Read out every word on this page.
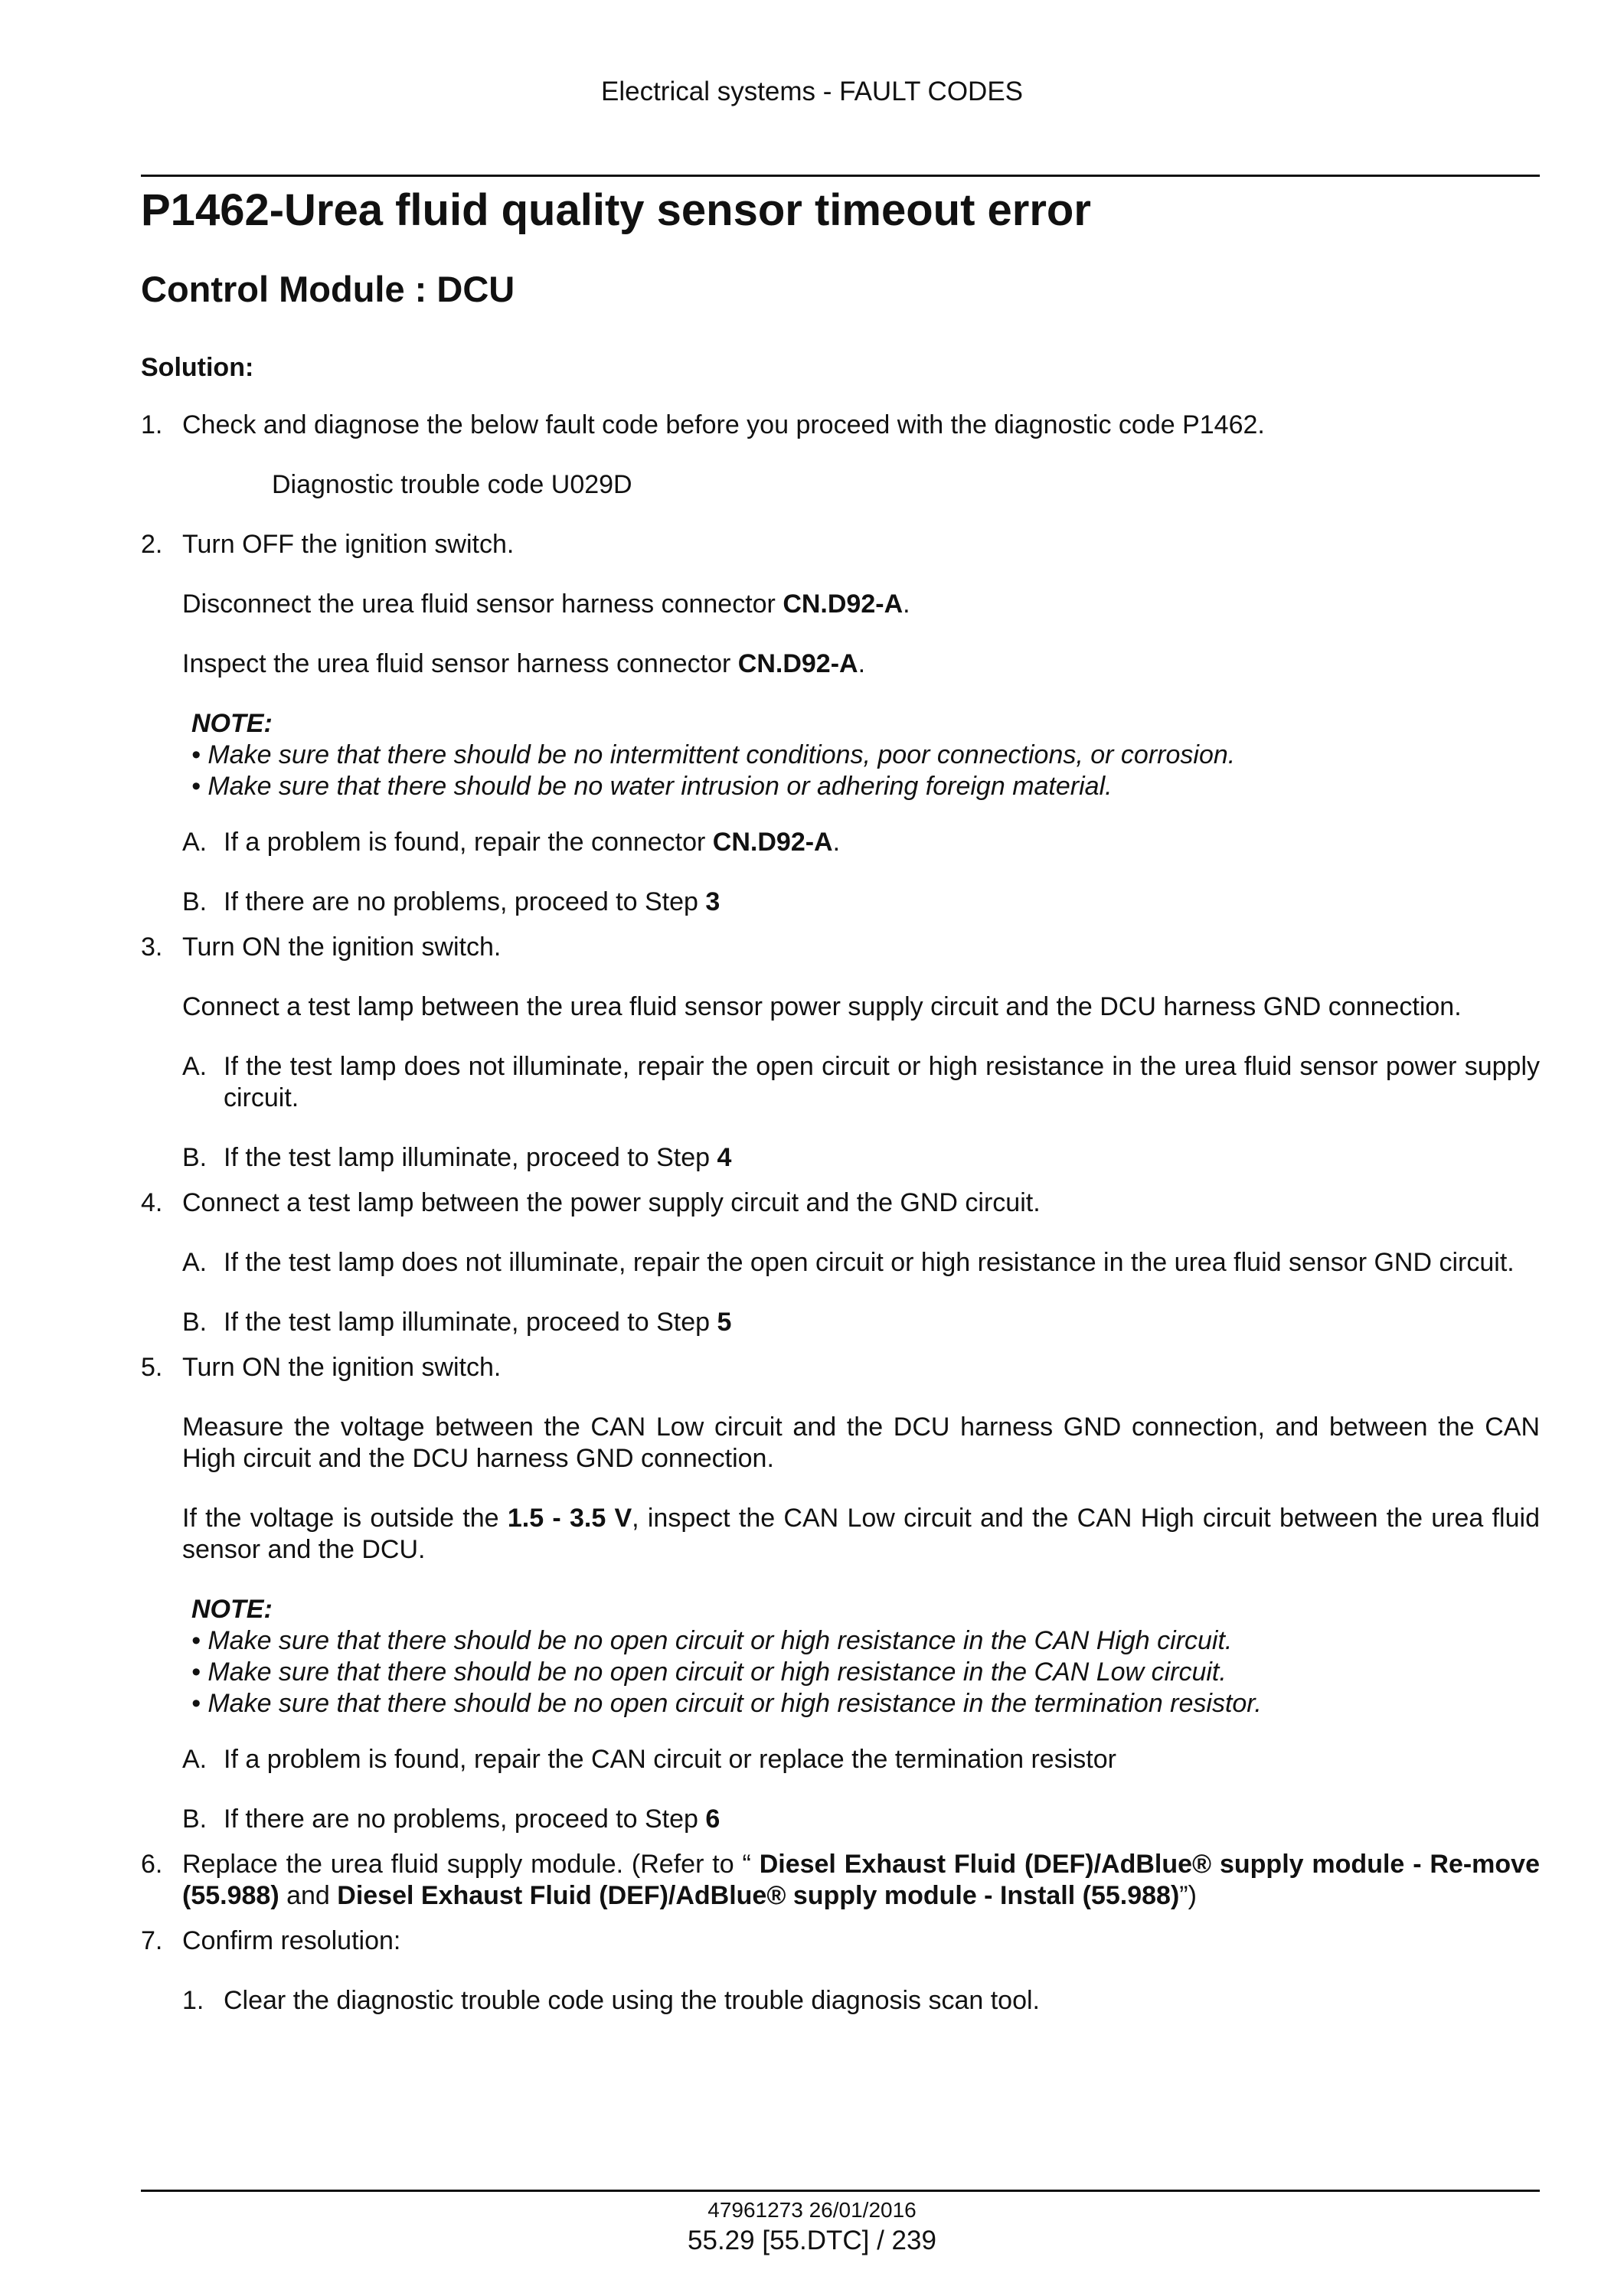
Electrical systems - FAULT CODES
P1462-Urea fluid quality sensor timeout error
Control Module : DCU
Solution:
1. Check and diagnose the below fault code before you proceed with the diagnostic code P1462.

Diagnostic trouble code U029D

2. Turn OFF the ignition switch.

Disconnect the urea fluid sensor harness connector CN.D92-A.

Inspect the urea fluid sensor harness connector CN.D92-A.

NOTE:
• Make sure that there should be no intermittent conditions, poor connections, or corrosion.
• Make sure that there should be no water intrusion or adhering foreign material.
A. If a problem is found, repair the connector CN.D92-A.
B. If there are no problems, proceed to Step 3
3. Turn ON the ignition switch.

Connect a test lamp between the urea fluid sensor power supply circuit and the DCU harness GND connection.

A. If the test lamp does not illuminate, repair the open circuit or high resistance in the urea fluid sensor power supply circuit.
B. If the test lamp illuminate, proceed to Step 4
4. Connect a test lamp between the power supply circuit and the GND circuit.

A. If the test lamp does not illuminate, repair the open circuit or high resistance in the urea fluid sensor GND circuit.
B. If the test lamp illuminate, proceed to Step 5
5. Turn ON the ignition switch.

Measure the voltage between the CAN Low circuit and the DCU harness GND connection, and between the CAN High circuit and the DCU harness GND connection.

If the voltage is outside the 1.5 - 3.5 V, inspect the CAN Low circuit and the CAN High circuit between the urea fluid sensor and the DCU.

NOTE:
• Make sure that there should be no open circuit or high resistance in the CAN High circuit.
• Make sure that there should be no open circuit or high resistance in the CAN Low circuit.
• Make sure that there should be no open circuit or high resistance in the termination resistor.
A. If a problem is found, repair the CAN circuit or replace the termination resistor
B. If there are no problems, proceed to Step 6
6. Replace the urea fluid supply module. (Refer to “ Diesel Exhaust Fluid (DEF)/AdBlue® supply module - Re-move (55.988) and Diesel Exhaust Fluid (DEF)/AdBlue® supply module - Install (55.988)”)

7. Confirm resolution:

1. Clear the diagnostic trouble code using the trouble diagnosis scan tool.
47961273 26/01/2016
55.29 [55.DTC] / 239
